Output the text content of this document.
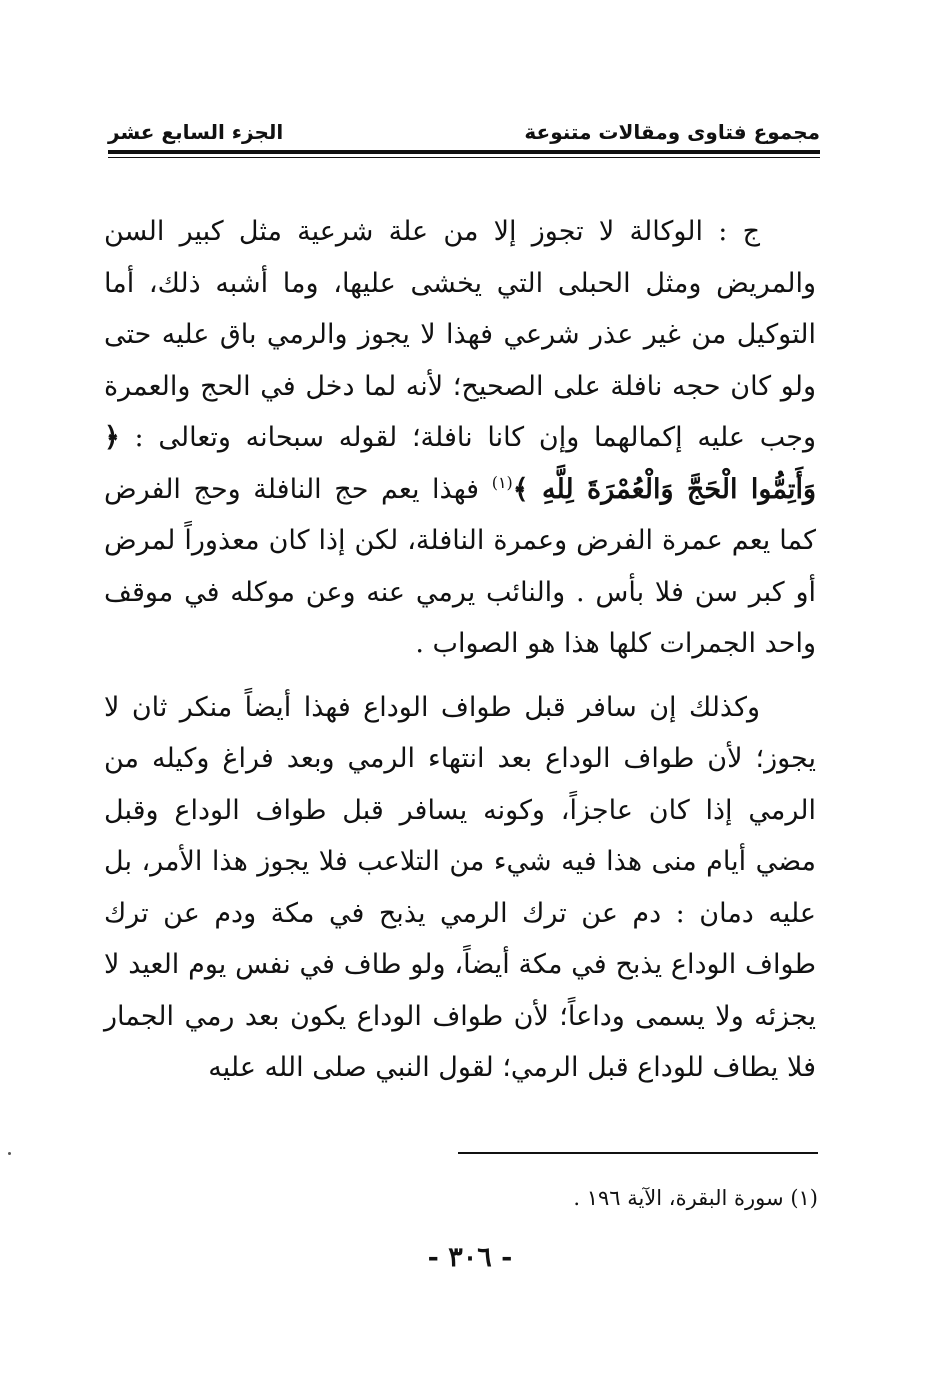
مجموع فتاوى ومقالات متنوعة
الجزء السابع عشر

ج : الوكالة لا تجوز إلا من علة شرعية مثل كبير السن والمريض ومثل الحبلى التي يخشى عليها، وما أشبه ذلك، أما التوكيل من غير عذر شرعي فهذا لا يجوز والرمي باق عليه حتى ولو كان حجه نافلة على الصحيح؛ لأنه لما دخل في الحج والعمرة وجب عليه إكمالهما وإن كانا نافلة؛ لقوله سبحانه وتعالى : ﴿ وَأَتِمُّوا الْحَجَّ وَالْعُمْرَةَ لِلَّهِ ﴾$^{(١)}$ فهذا يعم حج النافلة وحج الفرض كما يعم عمرة الفرض وعمرة النافلة، لكن إذا كان معذوراً لمرض أو كبر سن فلا بأس . والنائب يرمي عنه وعن موكله في موقف واحد الجمرات كلها هذا هو الصواب .

وكذلك إن سافر قبل طواف الوداع فهذا أيضاً منكر ثان لا يجوز؛ لأن طواف الوداع بعد انتهاء الرمي وبعد فراغ وكيله من الرمي إذا كان عاجزاً، وكونه يسافر قبل طواف الوداع وقبل مضي أيام منى هذا فيه شيء من التلاعب فلا يجوز هذا الأمر، بل عليه دمان : دم عن ترك الرمي يذبح في مكة ودم عن ترك طواف الوداع يذبح في مكة أيضاً، ولو طاف في نفس يوم العيد لا يجزئه ولا يسمى وداعاً؛ لأن طواف الوداع يكون بعد رمي الجمار فلا يطاف للوداع قبل الرمي؛ لقول النبي صلى الله عليه

(١) سورة البقرة، الآية ١٩٦ .
- ٣٠٦ -
